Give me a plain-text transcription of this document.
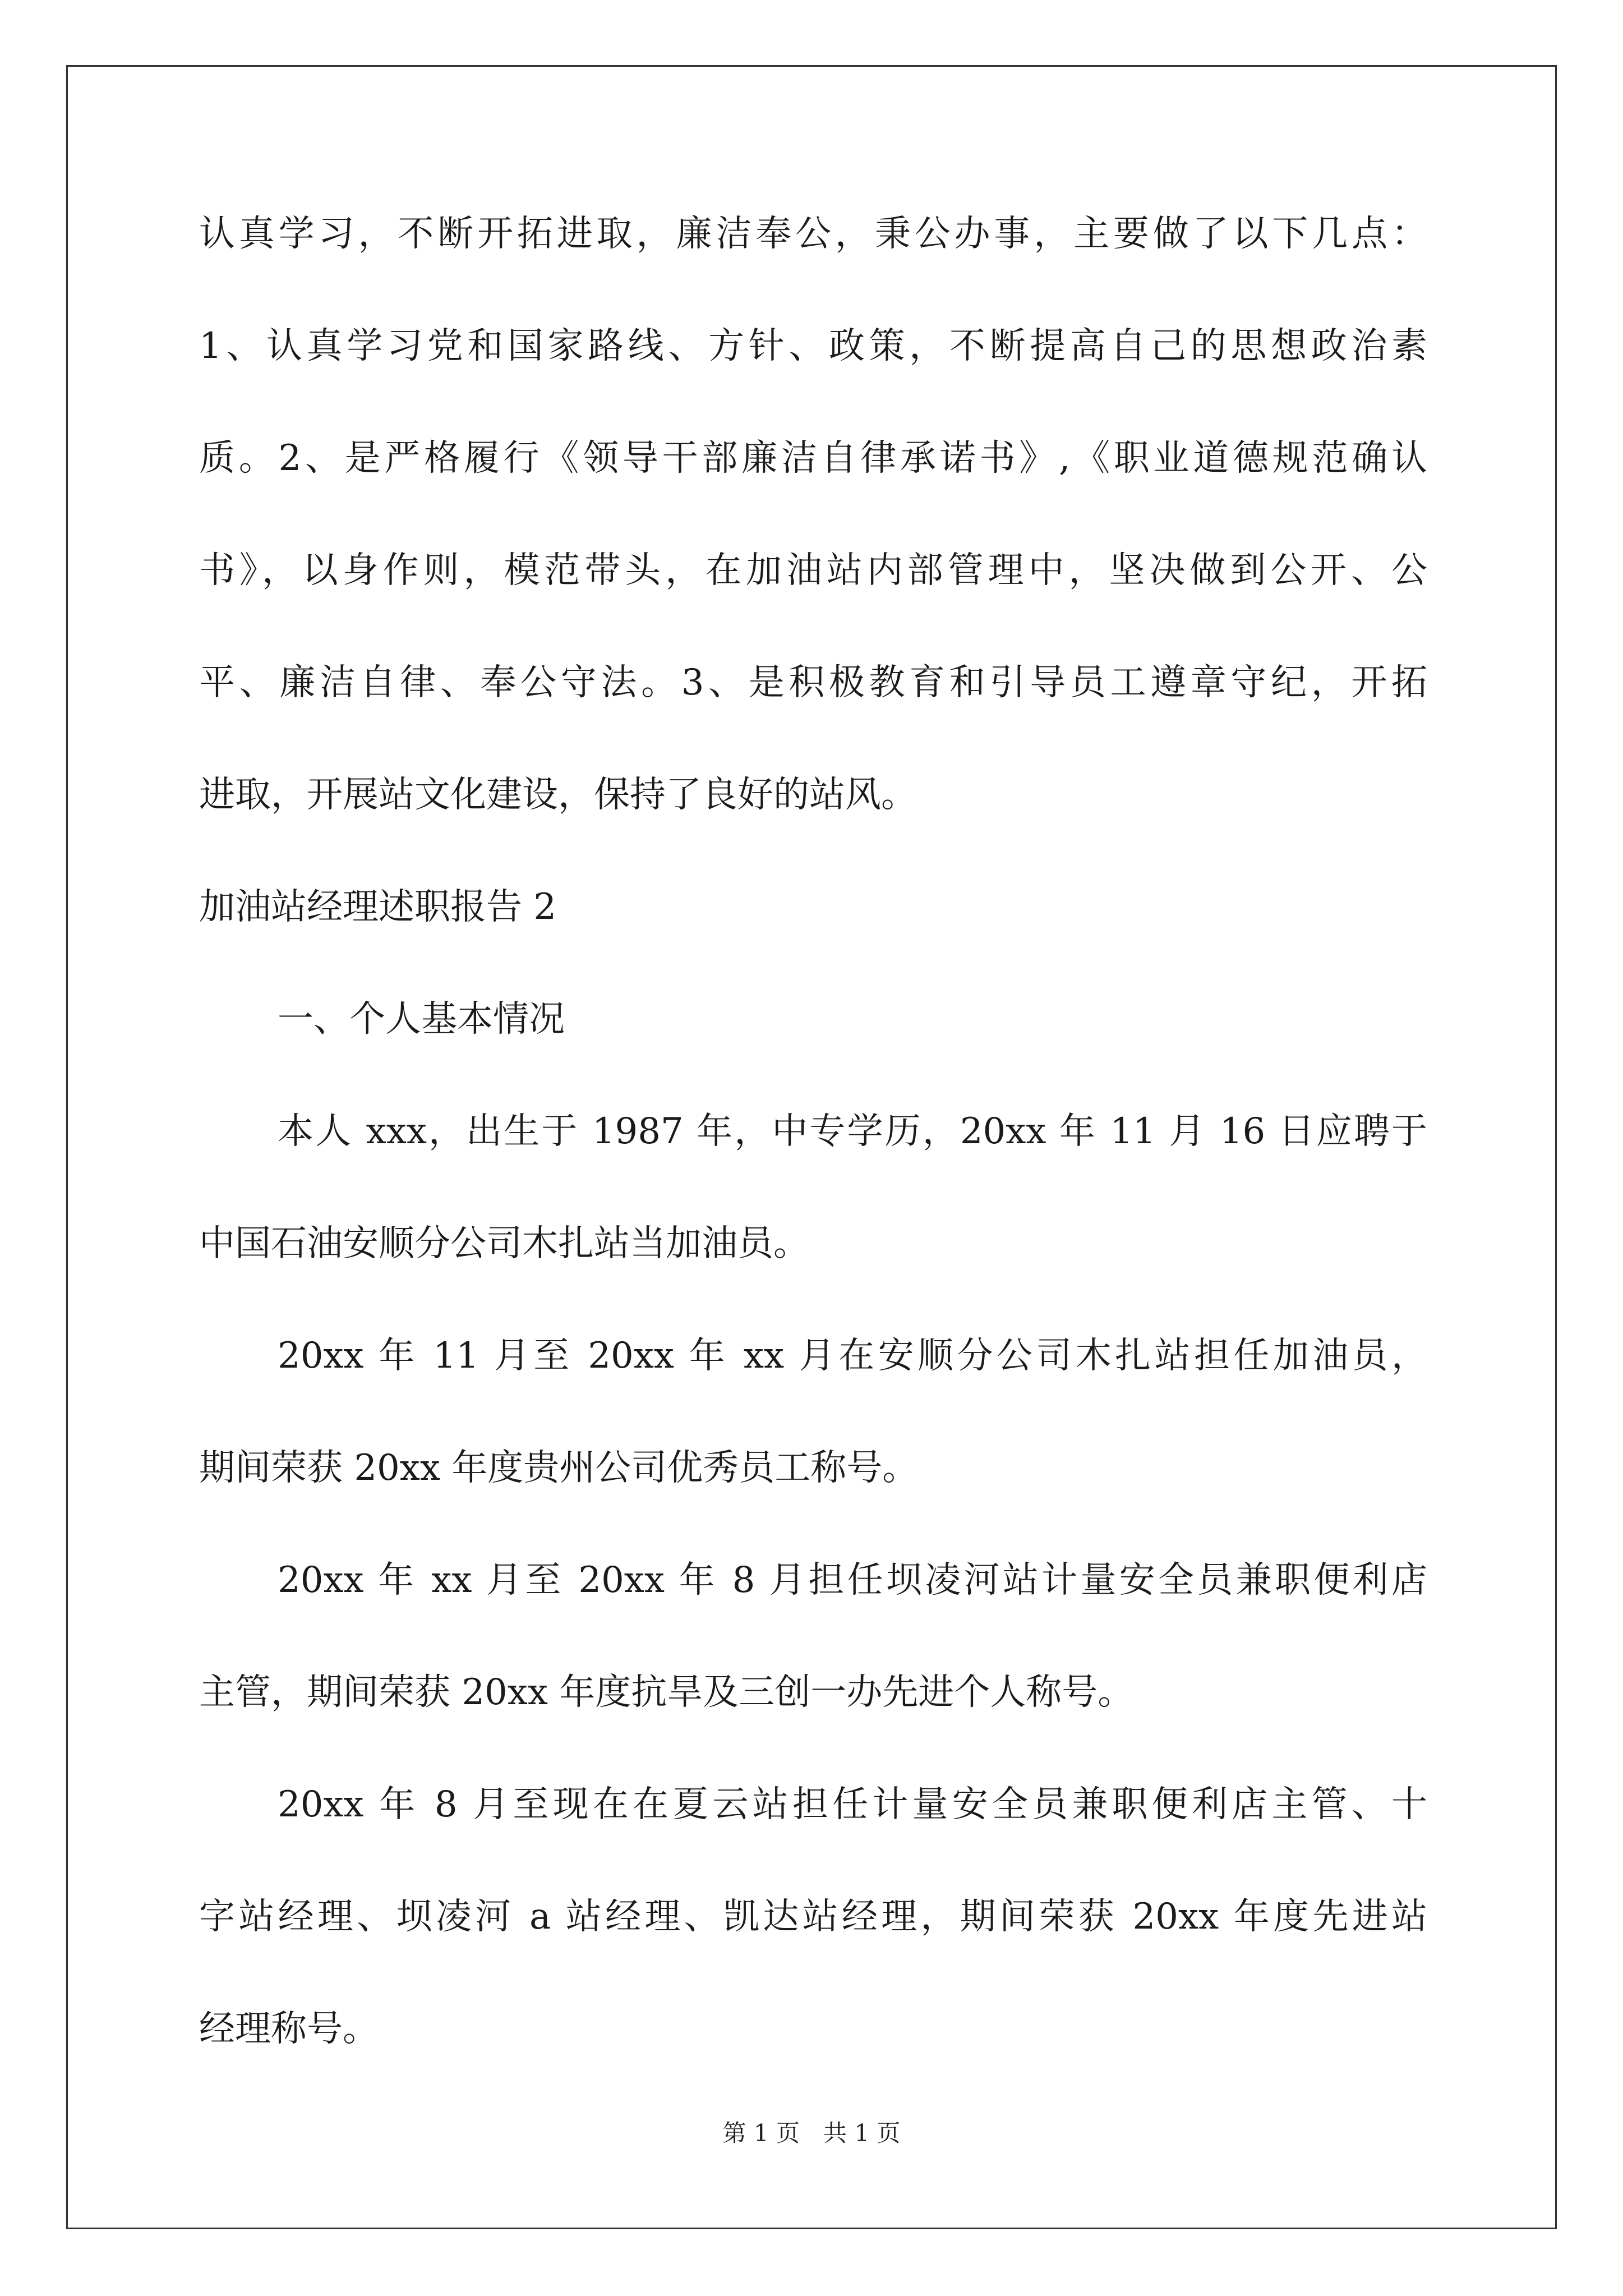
认真学习，不断开拓进取，廉洁奉公，秉公办事，主要做了以下几点：
1、认真学习党和国家路线、方针、政策，不断提高自己的思想政治素
质。2、是严格履行《领导干部廉洁自律承诺书》,《职业道德规范确认
书》，以身作则，模范带头，在加油站内部管理中，坚决做到公开、公
平、廉洁自律、奉公守法。3、是积极教育和引导员工遵章守纪，开拓
进取，开展站文化建设，保持了良好的站风。
加油站经理述职报告 2
一、个人基本情况
本人 xxx，出生于 1987 年，中专学历，20xx 年 11 月 16 日应聘于
中国石油安顺分公司木扎站当加油员。
20xx 年 11 月至 20xx 年 xx 月在安顺分公司木扎站担任加油员，
期间荣获 20xx 年度贵州公司优秀员工称号。
20xx 年 xx 月至 20xx 年 8 月担任坝凌河站计量安全员兼职便利店
主管，期间荣获 20xx 年度抗旱及三创一办先进个人称号。
20xx 年 8 月至现在在夏云站担任计量安全员兼职便利店主管、十
字站经理、坝凌河 a 站经理、凯达站经理，期间荣获 20xx 年度先进站
经理称号。
第 1 页　共 1 页
